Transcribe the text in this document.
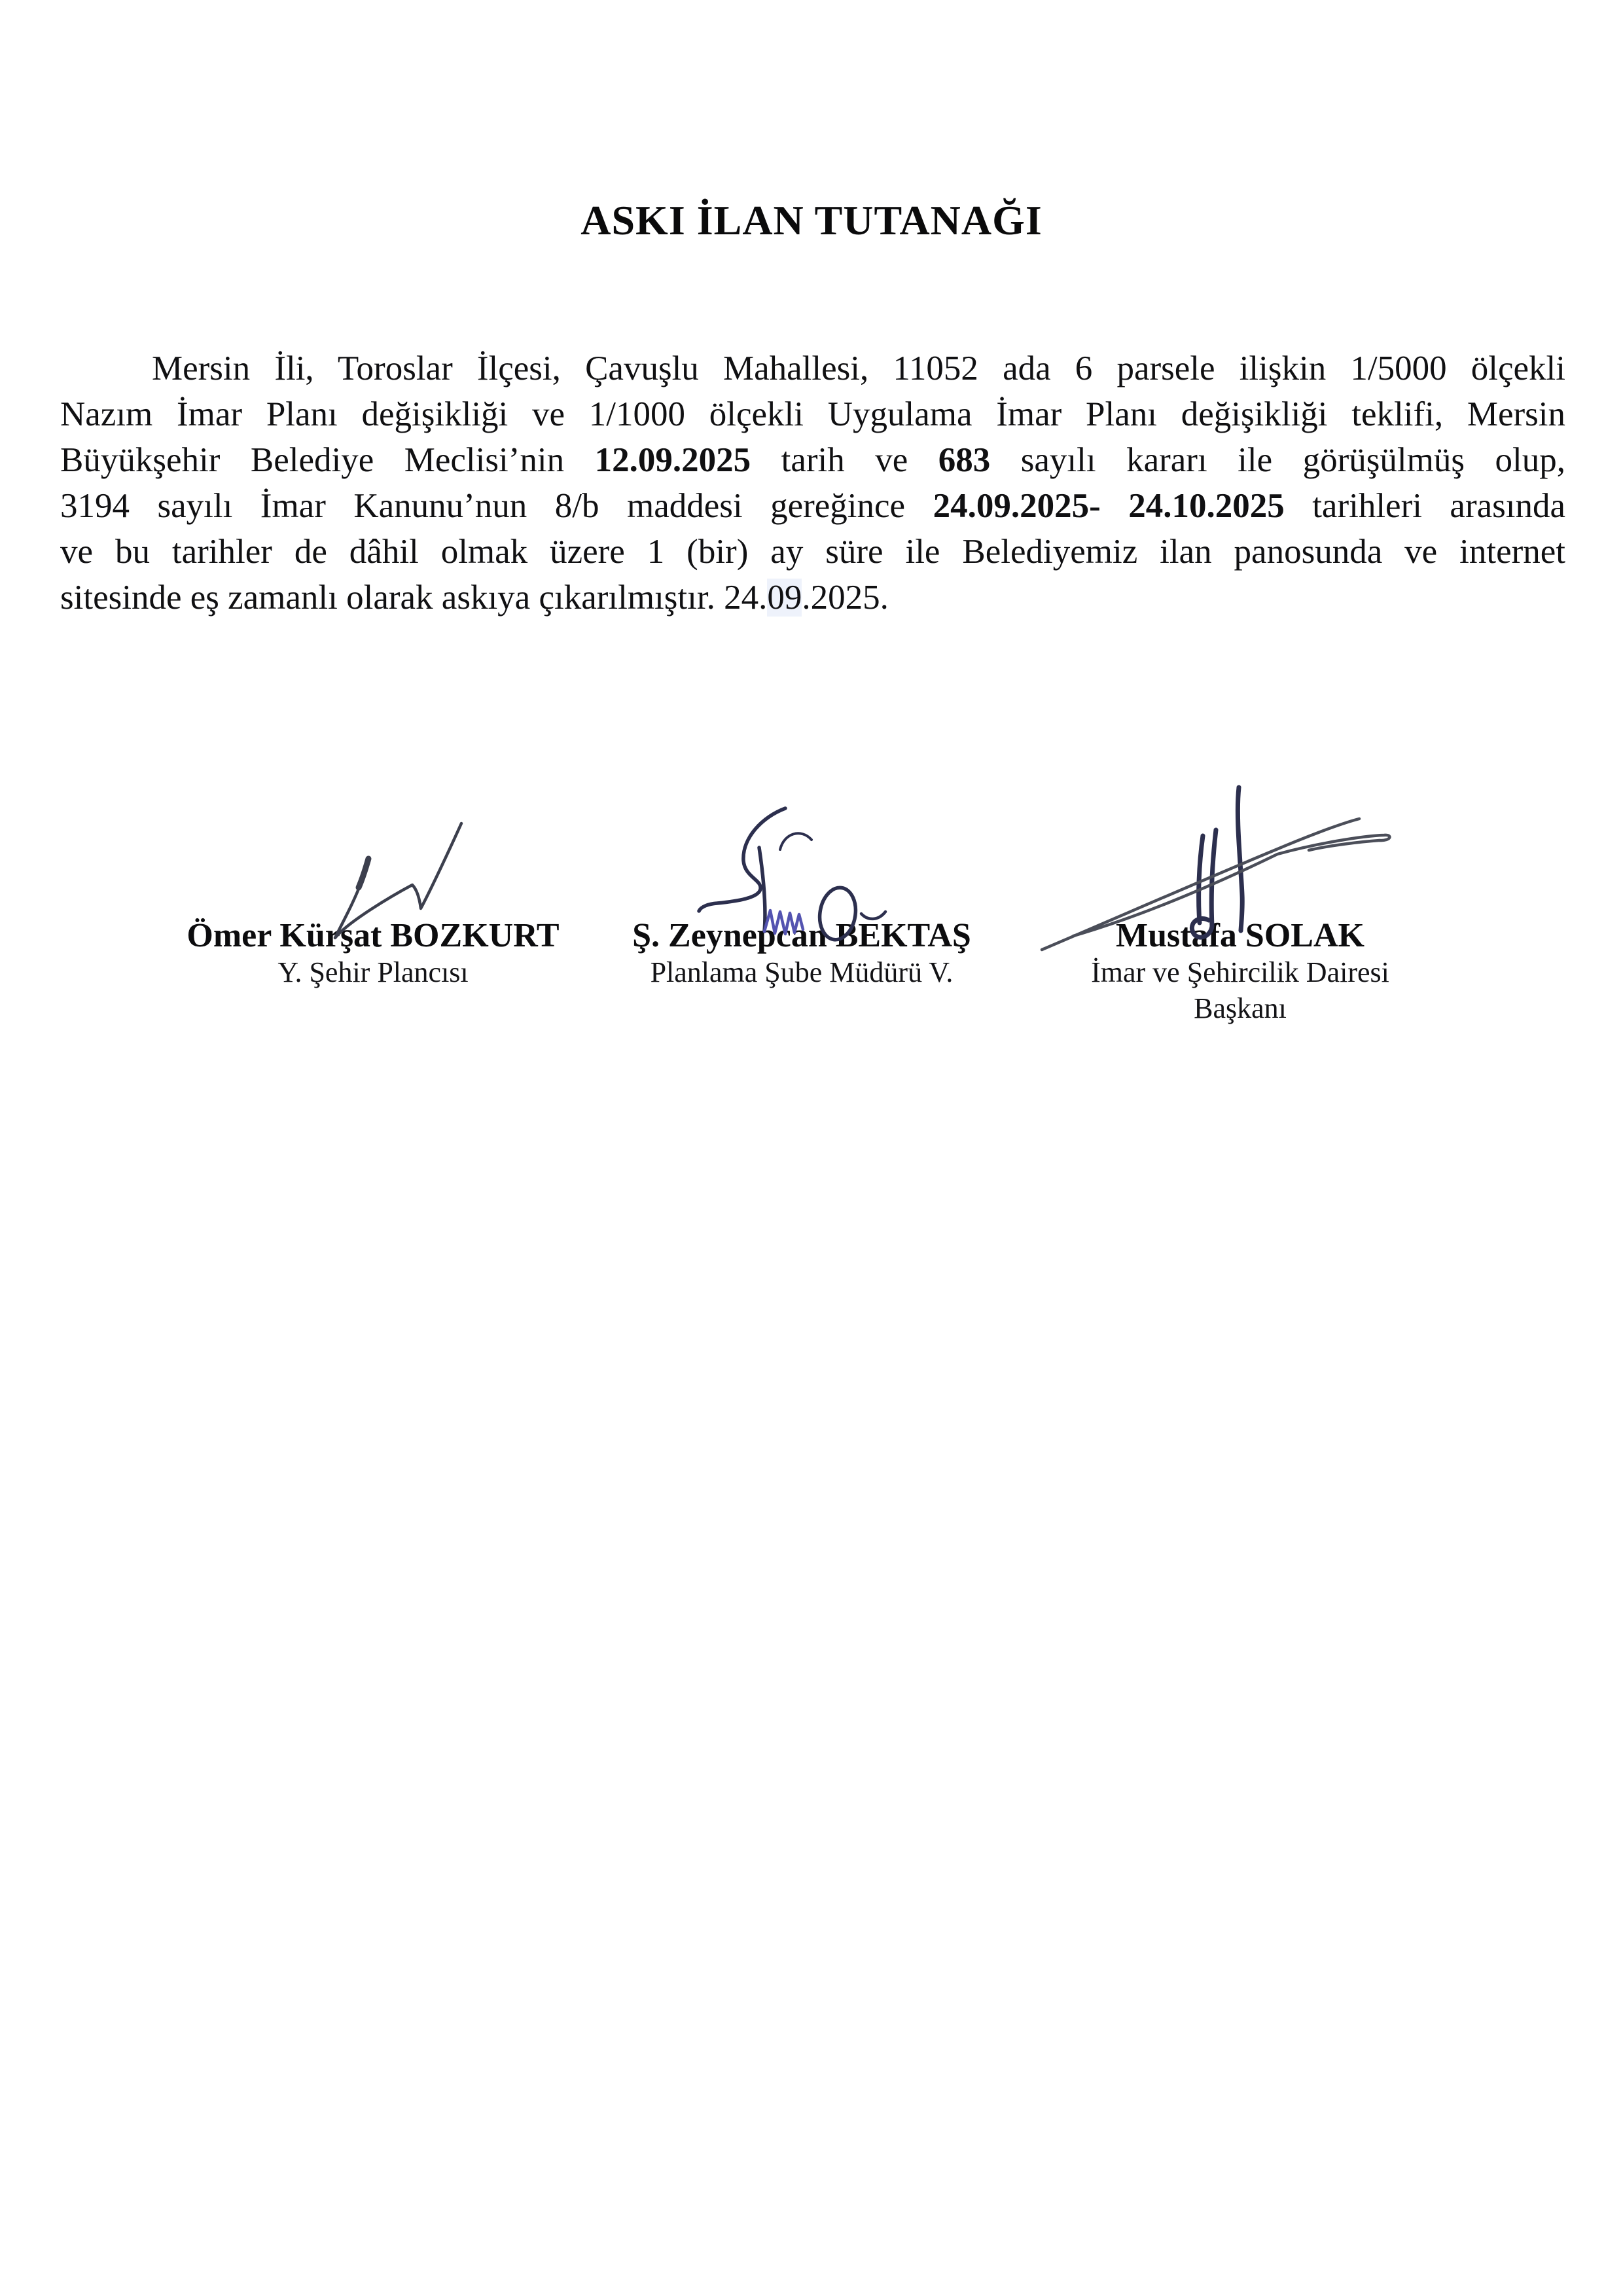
ASKI İLAN TUTANAĞI
Mersin İli, Toroslar İlçesi, Çavuşlu Mahallesi, 11052 ada 6 parsele ilişkin 1/5000 ölçekli
Nazım İmar Planı değişikliği ve 1/1000 ölçekli Uygulama İmar Planı değişikliği teklifi, Mersin
Büyükşehir Belediye Meclisi’nin 12.09.2025 tarih ve 683 sayılı kararı ile görüşülmüş olup,
3194 sayılı İmar Kanunu’nun 8/b maddesi gereğince 24.09.2025- 24.10.2025 tarihleri arasında
ve bu tarihler de dâhil olmak üzere 1 (bir) ay süre ile Belediyemiz ilan panosunda ve internet
sitesinde eş zamanlı olarak askıya çıkarılmıştır. 24.09.2025.
Ömer Kürşat BOZKURT
Y. Şehir Plancısı
Ş. Zeynepcan BEKTAŞ
Planlama Şube Müdürü V.
Mustafa SOLAK
İmar ve Şehircilik Dairesi
Başkanı
